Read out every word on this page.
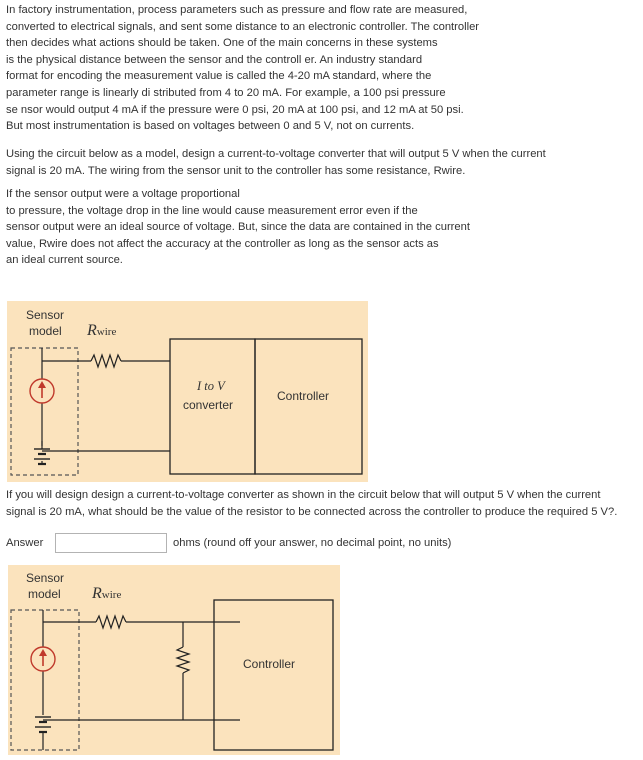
In factory instrumentation, process parameters such as pressure and flow rate are measured,
converted to electrical signals, and sent some distance to an electronic controller. The controller
then decides what actions should be taken. One of the main concerns in these systems
is the physical distance between the sensor and the controll er. An industry standard
format for encoding the measurement value is called the 4-20 mA standard, where the
parameter range is linearly di stributed from 4 to 20 mA. For example, a 100 psi pressure
se nsor would output 4 mA if the pressure were 0 psi, 20 mA at 100 psi, and 12 mA at 50 psi.
But most instrumentation is based on voltages between 0 and 5 V, not on currents.
Using the circuit below as a model, design a current-to-voltage converter that will output 5 V when the current
signal is 20 mA. The wiring from the sensor unit to the controller has some resistance, Rwire.
If the sensor output were a voltage proportional
to pressure, the voltage drop in the line would cause measurement error even if the
sensor output were an ideal source of voltage. But, since the data are contained in the current
value, Rwire does not affect the accuracy at the controller as long as the sensor acts as
an ideal current source.
Sensor
model Rwire
I to V
converter
Controller
If you will design design a current-to-voltage converter as shown in the circuit below that will output 5 V when the current
signal is 20 mA, what should be the value of the resistor to be connected across the controller to produce the required 5 V?.
Answer	ohms (round off your answer, no decimal point, no units)
Sensor
model Rwire
Controller
